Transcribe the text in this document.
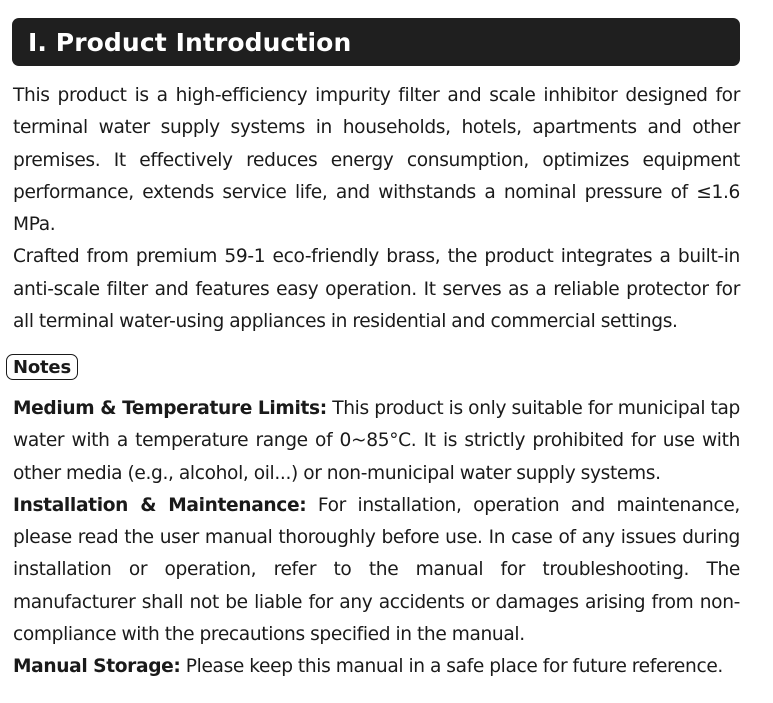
Ⅰ. Product Introduction

This product is a high-efficiency impurity filter and scale inhibitor designed for terminal water supply systems in households, hotels, apartments and other premises. It effectively reduces energy consumption, optimizes equipment performance, extends service life, and withstands a nominal pressure of ≤1.6 MPa.

Crafted from premium 59-1 eco-friendly brass, the product integrates a built-in anti-scale filter and features easy operation. It serves as a reliable protector for all terminal water-using appliances in residential and commercial settings.

Notes

Medium & Temperature Limits: This product is only suitable for municipal tap water with a temperature range of 0~85°C. It is strictly prohibited for use with other media (e.g., alcohol, oil...) or non-municipal water supply systems.

Installation & Maintenance: For installation, operation and maintenance, please read the user manual thoroughly before use. In case of any issues during installation or operation, refer to the manual for troubleshooting. The manufacturer shall not be liable for any accidents or damages arising from non-compliance with the precautions specified in the manual.

Manual Storage: Please keep this manual in a safe place for future reference.
